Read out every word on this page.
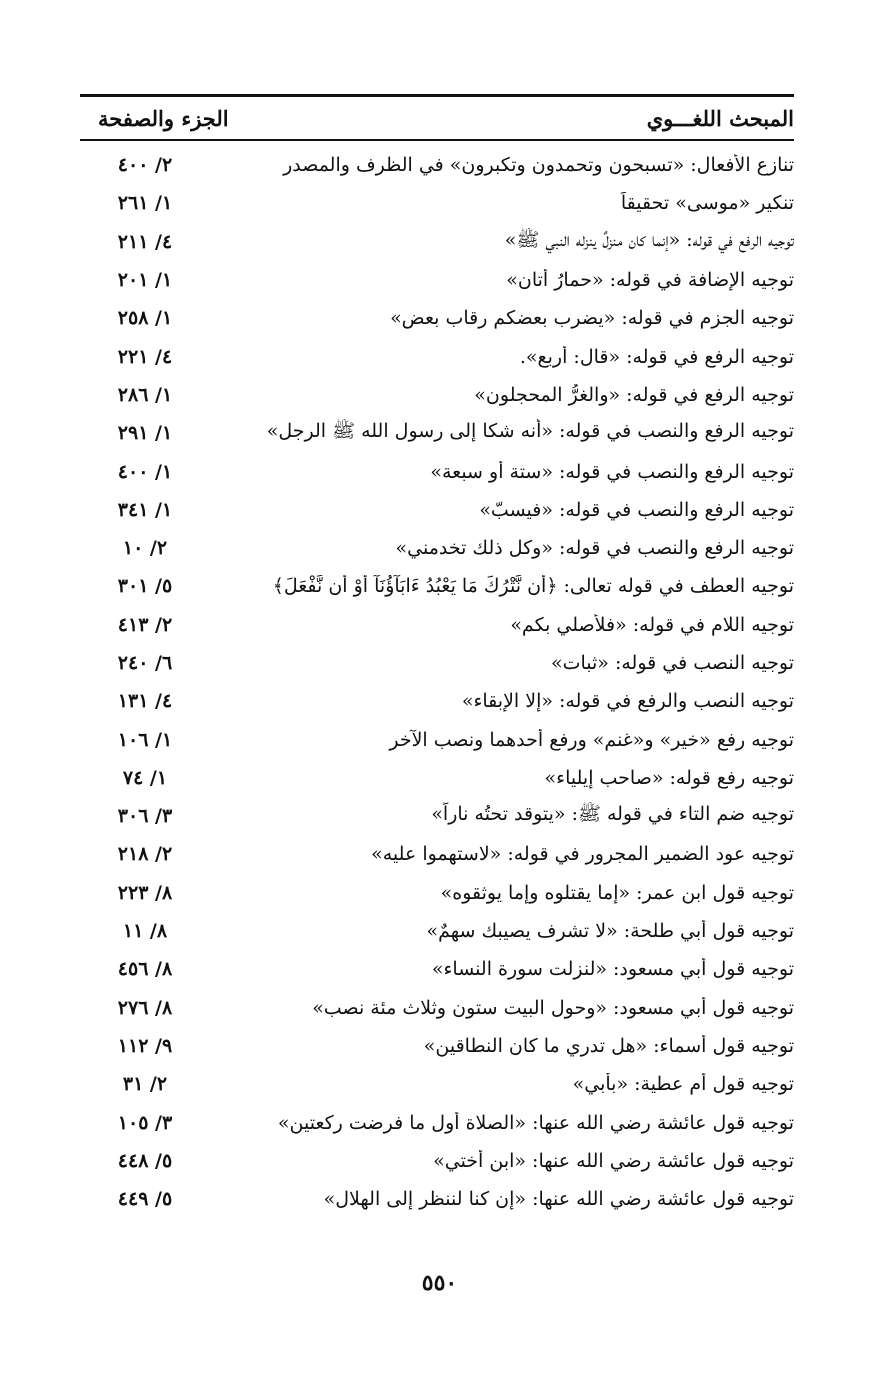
المبحث اللغـــوي
الجزء والصفحة
تنازع الأفعال: «تسبحون وتحمدون وتكبرون» في الظرف والمصدر
٢/ ٤٠٠
تنكير «موسى» تحقيقاً
١/ ٢٦١
توجيه الرفع في قوله: «إنما كان منزلٌ ينزله النبي ﷺ»
٤/ ٢١١
توجيه الإضافة في قوله: «حمارُ أتان»
١/ ٢٠١
توجيه الجزم في قوله: «يضرب بعضكم رقاب بعض»
١/ ٢٥٨
توجيه الرفع في قوله: «قال: أربع».
٤/ ٢٢١
توجيه الرفع في قوله: «والغرُّ المحجلون»
١/ ٢٨٦
توجيه الرفع والنصب في قوله: «أنه شكا إلى رسول الله ﷺ الرجل»
١/ ٢٩١
توجيه الرفع والنصب في قوله: «ستة أو سبعة»
١/ ٤٠٠
توجيه الرفع والنصب في قوله: «فيسبّ»
١/ ٣٤١
توجيه الرفع والنصب في قوله: «وكل ذلك تخدمني»
٢/ ١٠
توجيه العطف في قوله تعالى: ﴿أَن نَّتْرُكَ مَا يَعْبُدُ ءَابَآؤُنَآ أَوْ أَن نَّفْعَلَ﴾
٥/ ٣٠١
توجيه اللام في قوله: «فلأصلي بكم»
٢/ ٤١٣
توجيه النصب في قوله: «ثبات»
٦/ ٢٤٠
توجيه النصب والرفع في قوله: «إلا الإبقاء»
٤/ ١٣١
توجيه رفع «خير» و«غنم» ورفع أحدهما ونصب الآخر
١/ ١٠٦
توجيه رفع قوله: «صاحب إيلياء»
١/ ٧٤
توجيه ضم التاء في قوله ﷺ: «يتوقد تحتُه ناراً»
٣/ ٣٠٦
توجيه عود الضمير المجرور في قوله: «لاستهموا عليه»
٢/ ٢١٨
توجيه قول ابن عمر: «إما يقتلوه وإما يوثقوه»
٨/ ٢٢٣
توجيه قول أبي طلحة: «لا تشرف يصيبك سهمٌ»
٨/ ١١
توجيه قول أبي مسعود: «لنزلت سورة النساء»
٨/ ٤٥٦
توجيه قول أبي مسعود: «وحول البيت ستون وثلاث مئة نصب»
٨/ ٢٧٦
توجيه قول أسماء: «هل تدري ما كان النطاقين»
٩/ ١١٢
توجيه قول أم عطية: «بأبي»
٢/ ٣١
توجيه قول عائشة رضي الله عنها: «الصلاة أول ما فرضت ركعتين»
٣/ ١٠٥
توجيه قول عائشة رضي الله عنها: «ابن أختي»
٥/ ٤٤٨
توجيه قول عائشة رضي الله عنها: «إن كنا لننظر إلى الهلال»
٥/ ٤٤٩
٥٥٠
